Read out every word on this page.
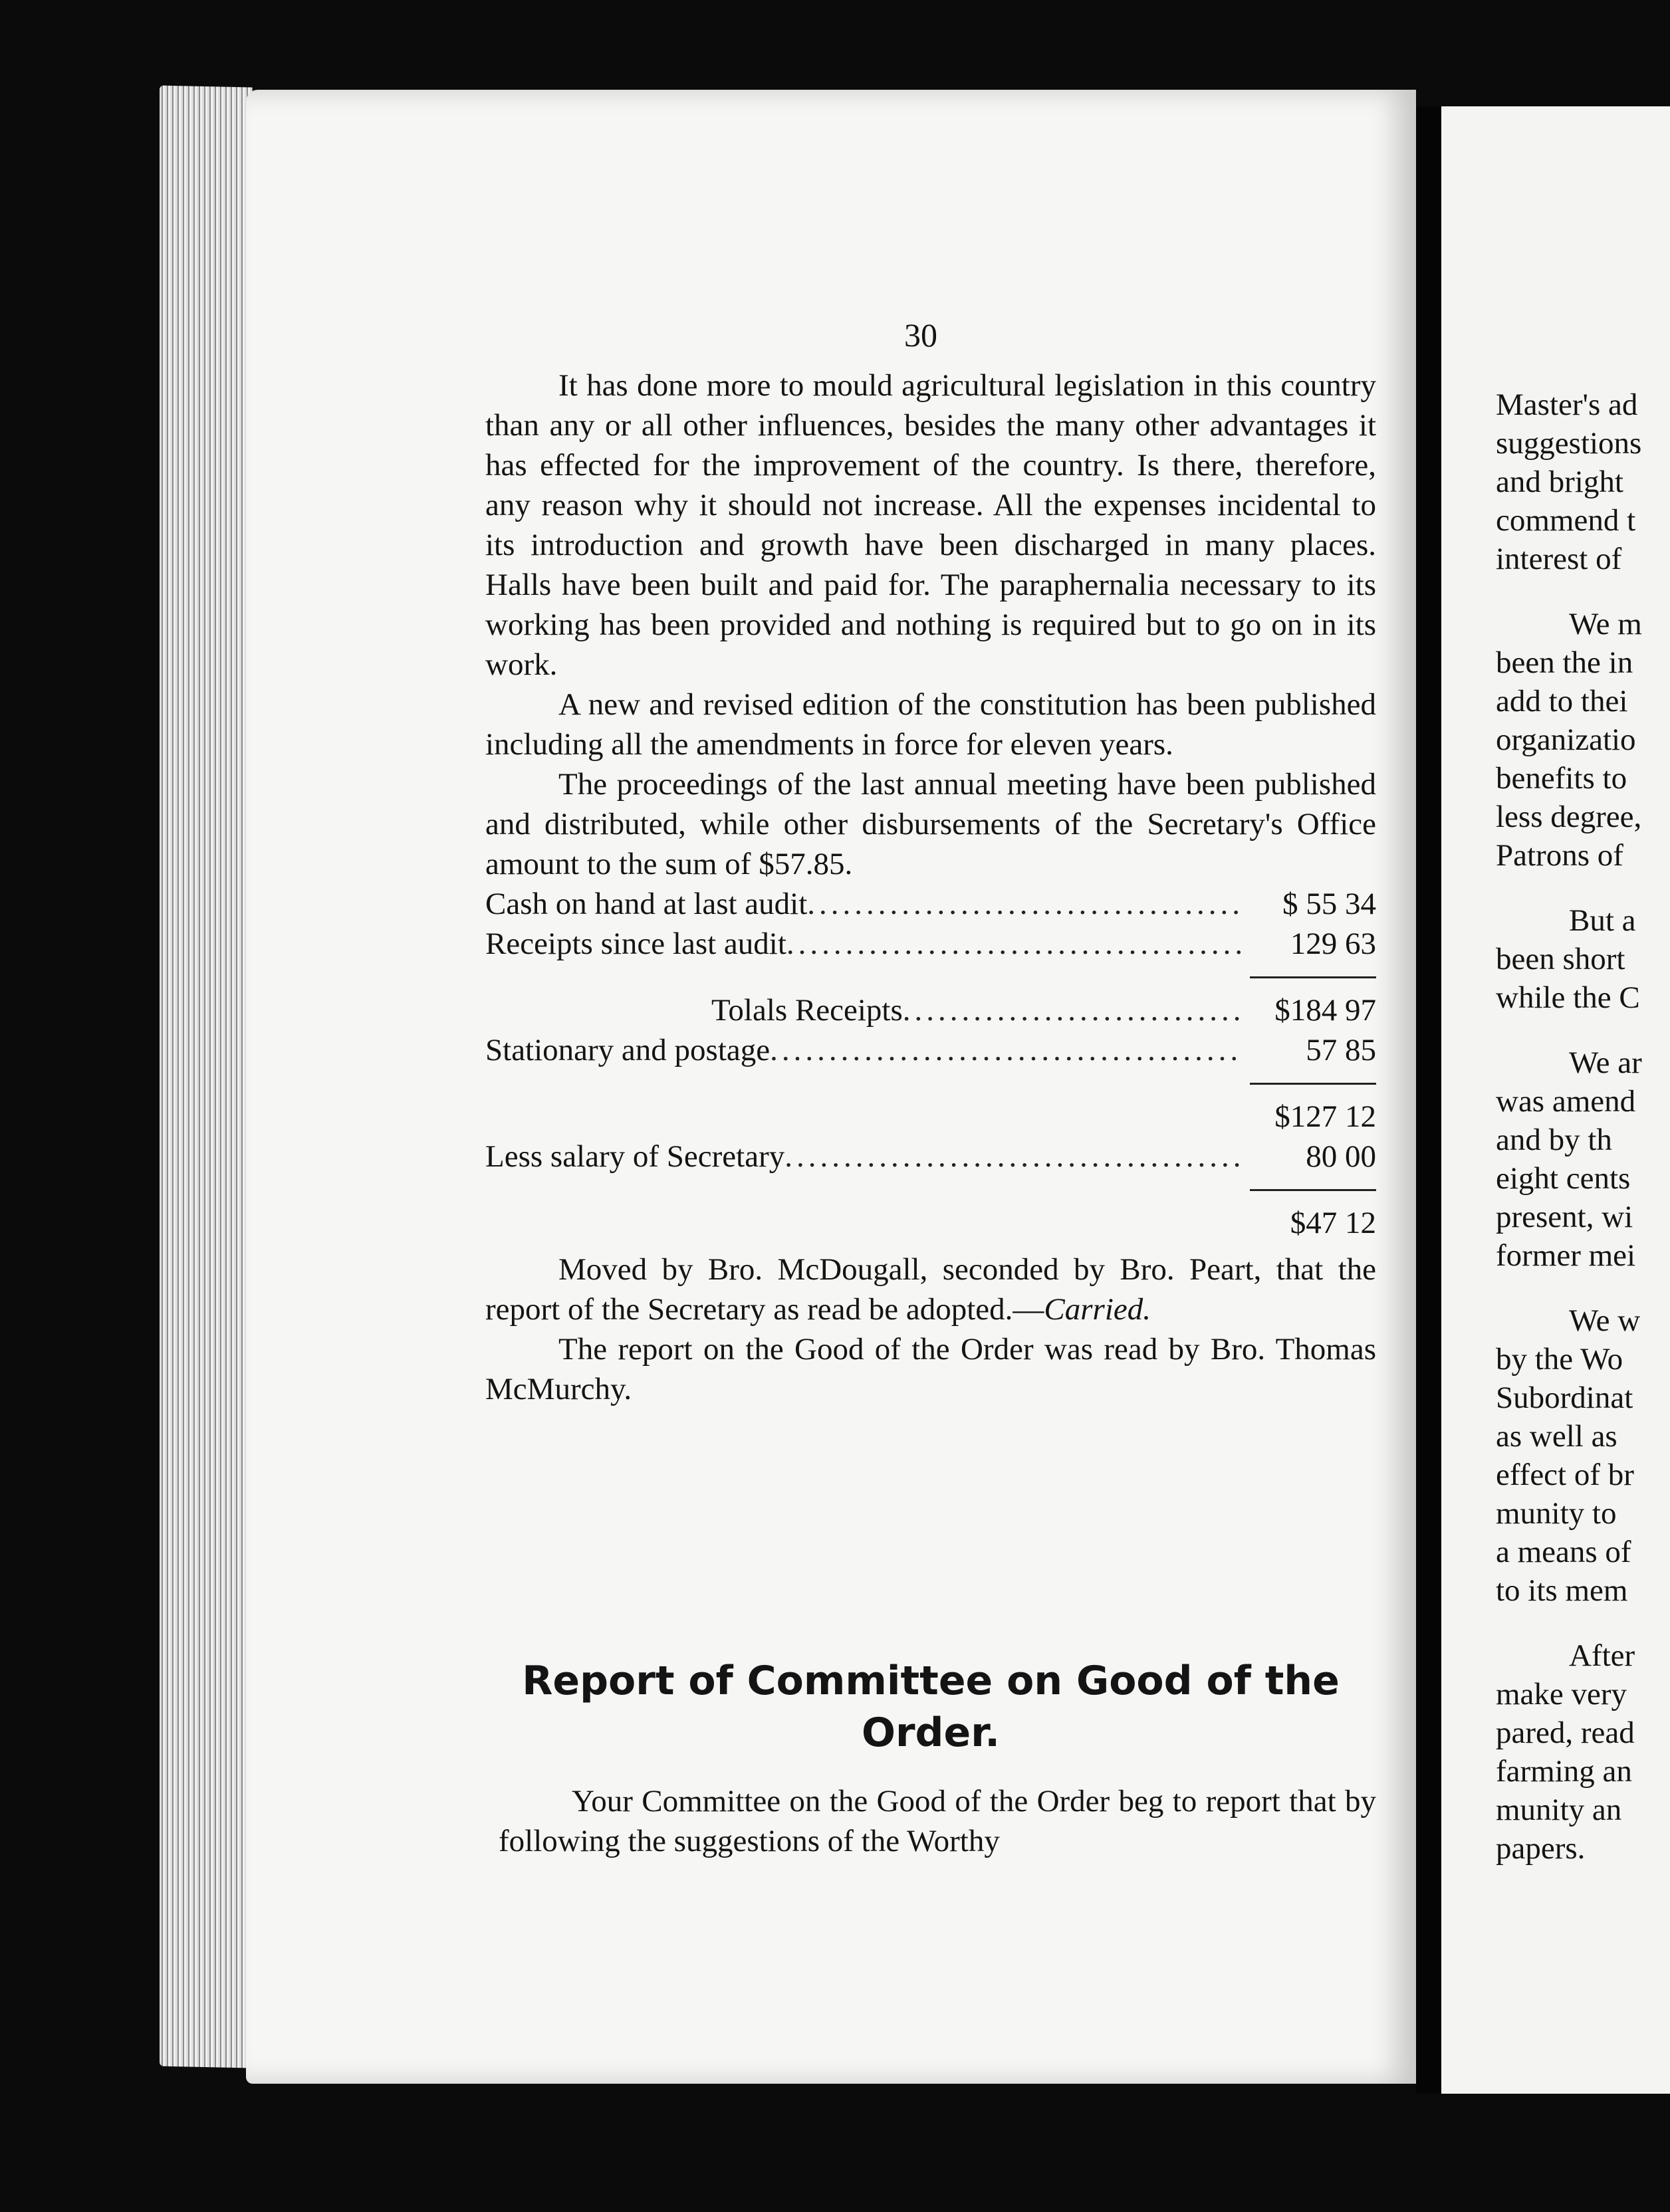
30

It has done more to mould agricultural legislation in this country than any or all other influences, besides the many other advantages it has effected for the improvement of the country. Is there, therefore, any reason why it should not increase. All the expenses incidental to its introduction and growth have been discharged in many places. Halls have been built and paid for. The paraphernalia necessary to its working has been provided and nothing is required but to go on in its work.

A new and revised edition of the constitution has been published including all the amendments in force for eleven years.

The proceedings of the last annual meeting have been published and distributed, while other disbursements of the Secretary's Office amount to the sum of $57.85.

Cash on hand at last audit .....	$ 55 34
Receipts since last audit .....	129 63
Tolals Receipts .....	$184 97
Stationary and postage .....	57 85
$127 12
Less salary of Secretary .....	80 00
$47 12

Moved by Bro. McDougall, seconded by Bro. Peart, that the report of the Secretary as read be adopted.—Carried.

The report on the Good of the Order was read by Bro. Thomas McMurchy.

Report of Committee on Good of the Order.

Your Committee on the Good of the Order beg to report that by following the suggestions of the Worthy

Master's ad
suggestions
and bright
commend t
interest of
We m
been the in
add to thei
organizatio
benefits to
less degree,
Patrons of
But a
been short
while the C
We ar
was amend
and by th
eight cents
present, wi
former mei
We w
by the Wo
Subordinat
as well as
effect of br
munity to
a means of
to its mem
After
make very
pared, read
farming an
munity an
papers.
